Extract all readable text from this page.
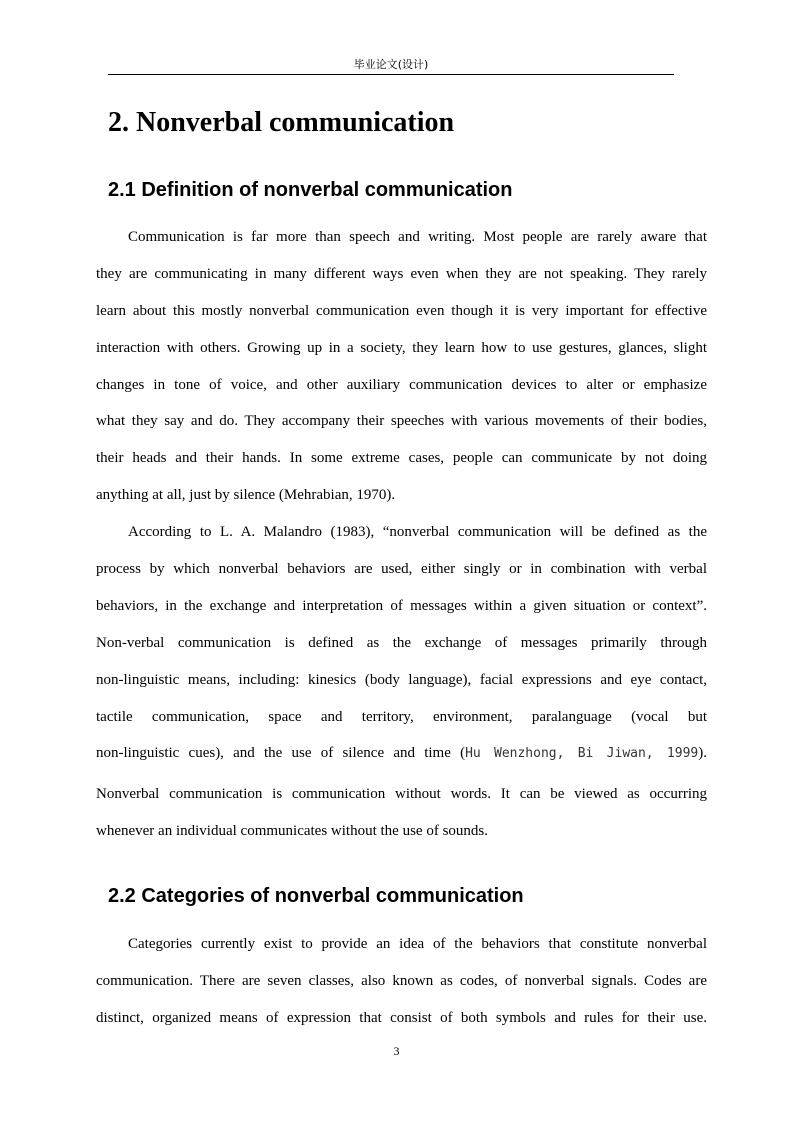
毕业论文(设计)
2. Nonverbal communication
2.1 Definition of nonverbal communication
Communication is far more than speech and writing. Most people are rarely aware that
they are communicating in many different ways even when they are not speaking. They rarely
learn about this mostly nonverbal communication even though it is very important for effective
interaction with others. Growing up in a society, they learn how to use gestures, glances, slight
changes in tone of voice, and other auxiliary communication devices to alter or emphasize
what they say and do. They accompany their speeches with various movements of their bodies,
their heads and their hands. In some extreme cases, people can communicate by not doing
anything at all, just by silence (Mehrabian, 1970).
According to L. A. Malandro (1983), “nonverbal communication will be defined as the
process by which nonverbal behaviors are used, either singly or in combination with verbal
behaviors, in the exchange and interpretation of messages within a given situation or context”.
Non-verbal communication is defined as the exchange of messages primarily through
non-linguistic means, including: kinesics (body language), facial expressions and eye contact,
tactile communication, space and territory, environment, paralanguage (vocal but
non-linguistic cues), and the use of silence and time (Hu Wenzhong, Bi Jiwan, 1999).
Nonverbal communication is communication without words. It can be viewed as occurring
whenever an individual communicates without the use of sounds.
2.2 Categories of nonverbal communication
Categories currently exist to provide an idea of the behaviors that constitute nonverbal
communication. There are seven classes, also known as codes, of nonverbal signals. Codes are
distinct, organized means of expression that consist of both symbols and rules for their use.
3
